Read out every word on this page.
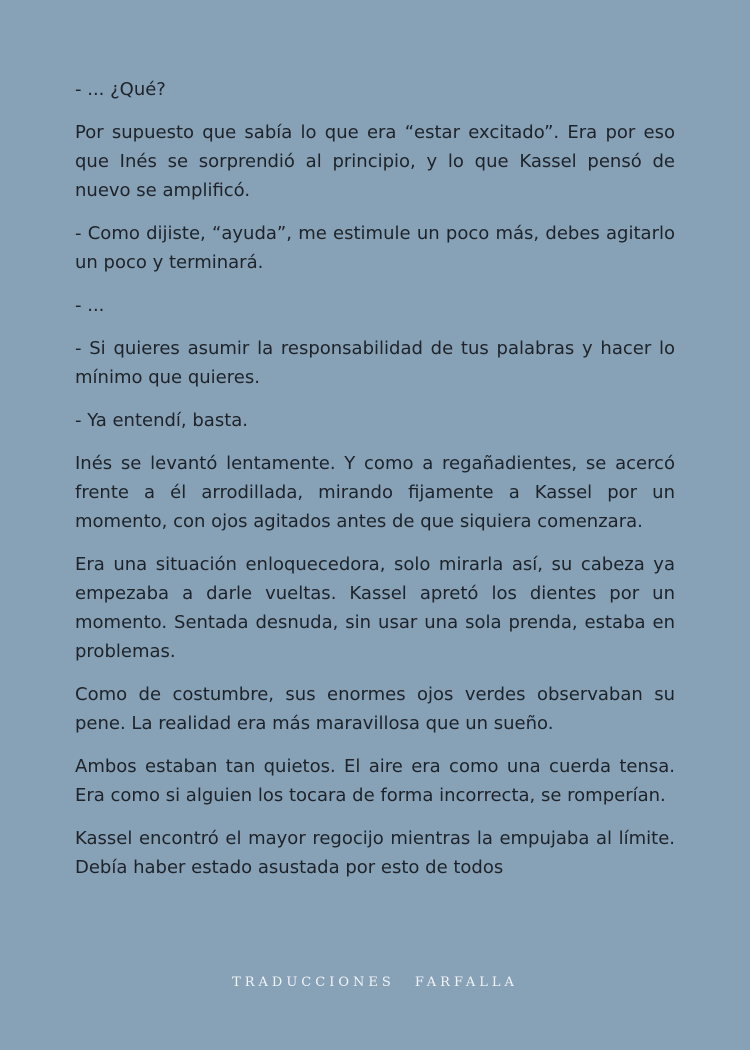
- ... ¿Qué?

Por supuesto que sabía lo que era “estar excitado”. Era por eso que Inés se sorprendió al principio, y lo que Kassel pensó de nuevo se amplificó.

- Como dijiste, “ayuda”, me estimule un poco más, debes agitarlo un poco y terminará.

- ...

- Si quieres asumir la responsabilidad de tus palabras y hacer lo mínimo que quieres.

- Ya entendí, basta.

Inés se levantó lentamente. Y como a regañadientes, se acercó frente a él arrodillada, mirando fijamente a Kassel por un momento, con ojos agitados antes de que siquiera comenzara.

Era una situación enloquecedora, solo mirarla así, su cabeza ya empezaba a darle vueltas. Kassel apretó los dientes por un momento. Sentada desnuda, sin usar una sola prenda, estaba en problemas.

Como de costumbre, sus enormes ojos verdes observaban su pene. La realidad era más maravillosa que un sueño.

Ambos estaban tan quietos. El aire era como una cuerda tensa. Era como si alguien los tocara de forma incorrecta, se romperían.

Kassel encontró el mayor regocijo mientras la empujaba al límite. Debía haber estado asustada por esto de todos

TRADUCCIONES FARFALLA
